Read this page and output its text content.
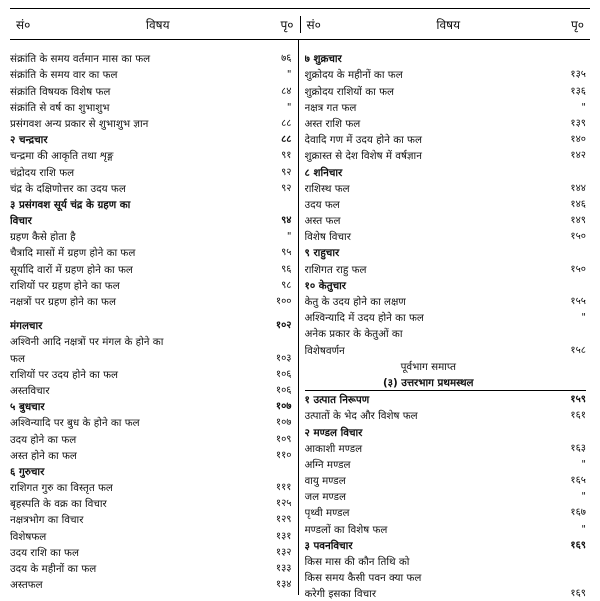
सं०	विषय	पृ०	सं०	विषय	पृ०
संक्रांति के समय वर्तमान मास का फल	७६
संक्रांति के समय वार का फल	"
संक्रांति विषयक विशेष फल	८४
संक्रांति से वर्ष का शुभाशुभ	"
प्रसंगवश अन्य प्रकार से शुभाशुभ ज्ञान	८८
२ चन्द्रचार	८८
चन्द्रमा की आकृति तथा शृङ्ग	९१
चंद्रोदय राशि फल	९२
चंद्र के दक्षिणोत्तर का उदय फल	९२
३ प्रसंगवश सूर्य चंद्र के ग्रहण का
विचार	९४
ग्रहण कैसे होता है	"
चैत्रादि मासों में ग्रहण होने का फल	९५
सूर्यादि वारों में ग्रहण होने का फल	९६
राशियों पर ग्रहण होने का फल	९८
नक्षत्रों पर ग्रहण होने का फल	१००
मंगलचार	१०२
अश्विनी आदि नक्षत्रों पर मंगल के होने का
फल	१०३
राशियों पर उदय होने का फल	१०६
अस्तविचार	१०६
५ बुधचार	१०७
अश्विन्यादि पर बुध के होने का फल	१०७
उदय होने का फल	१०९
अस्त होने का फल	११०
६ गुरुचार
राशिगत गुरु का विस्तृत फल	१११
बृहस्पति के वक्र का विचार	१२५
नक्षत्रभोग का विचार	१२९
विशेषफल	१३१
उदय राशि का फल	१३२
उदय के महीनों का फल	१३३
अस्तफल	१३४
७ शुक्रचार
शुक्रोदय के महीनों का फल	१३५
शुक्रोदय राशियों का फल	१३६
नक्षत्र गत फल	"
अस्त राशि फल	१३९
देवादि गण में उदय होने का फल	१४०
शुक्रास्त से देश विशेष में वर्षज्ञान	१४२
८ शनिचार
राशिस्थ फल	१४४
उदय फल	१४६
अस्त फल	१४९
विशेष विचार	१५०
९ राहुचार
राशिगत राहु फल	१५०
१० केतुचार
केतु के उदय होने का लक्षण	१५५
अश्विन्यादि में उदय होने का फल	"
अनेक प्रकार के केतुओं का
विशेषवर्णन	१५८
पूर्वभाग समाप्त
(३) उत्तरभाग प्रथमस्थल
१ उत्पात निरूपण	१५९
उत्पातों के भेद और विशेष फल	१६१
२ मण्डल विचार
आकाशी मण्डल	१६३
अग्नि मण्डल	"
वायु मण्डल	१६५
जल मण्डल	"
पृथ्वी मण्डल	१६७
मण्डलों का विशेष फल	"
३ पवनविचार	१६९
किस मास की कौन तिथि को
किस समय कैसी पवन क्या फल
करेगी इसका विचार	१६९
